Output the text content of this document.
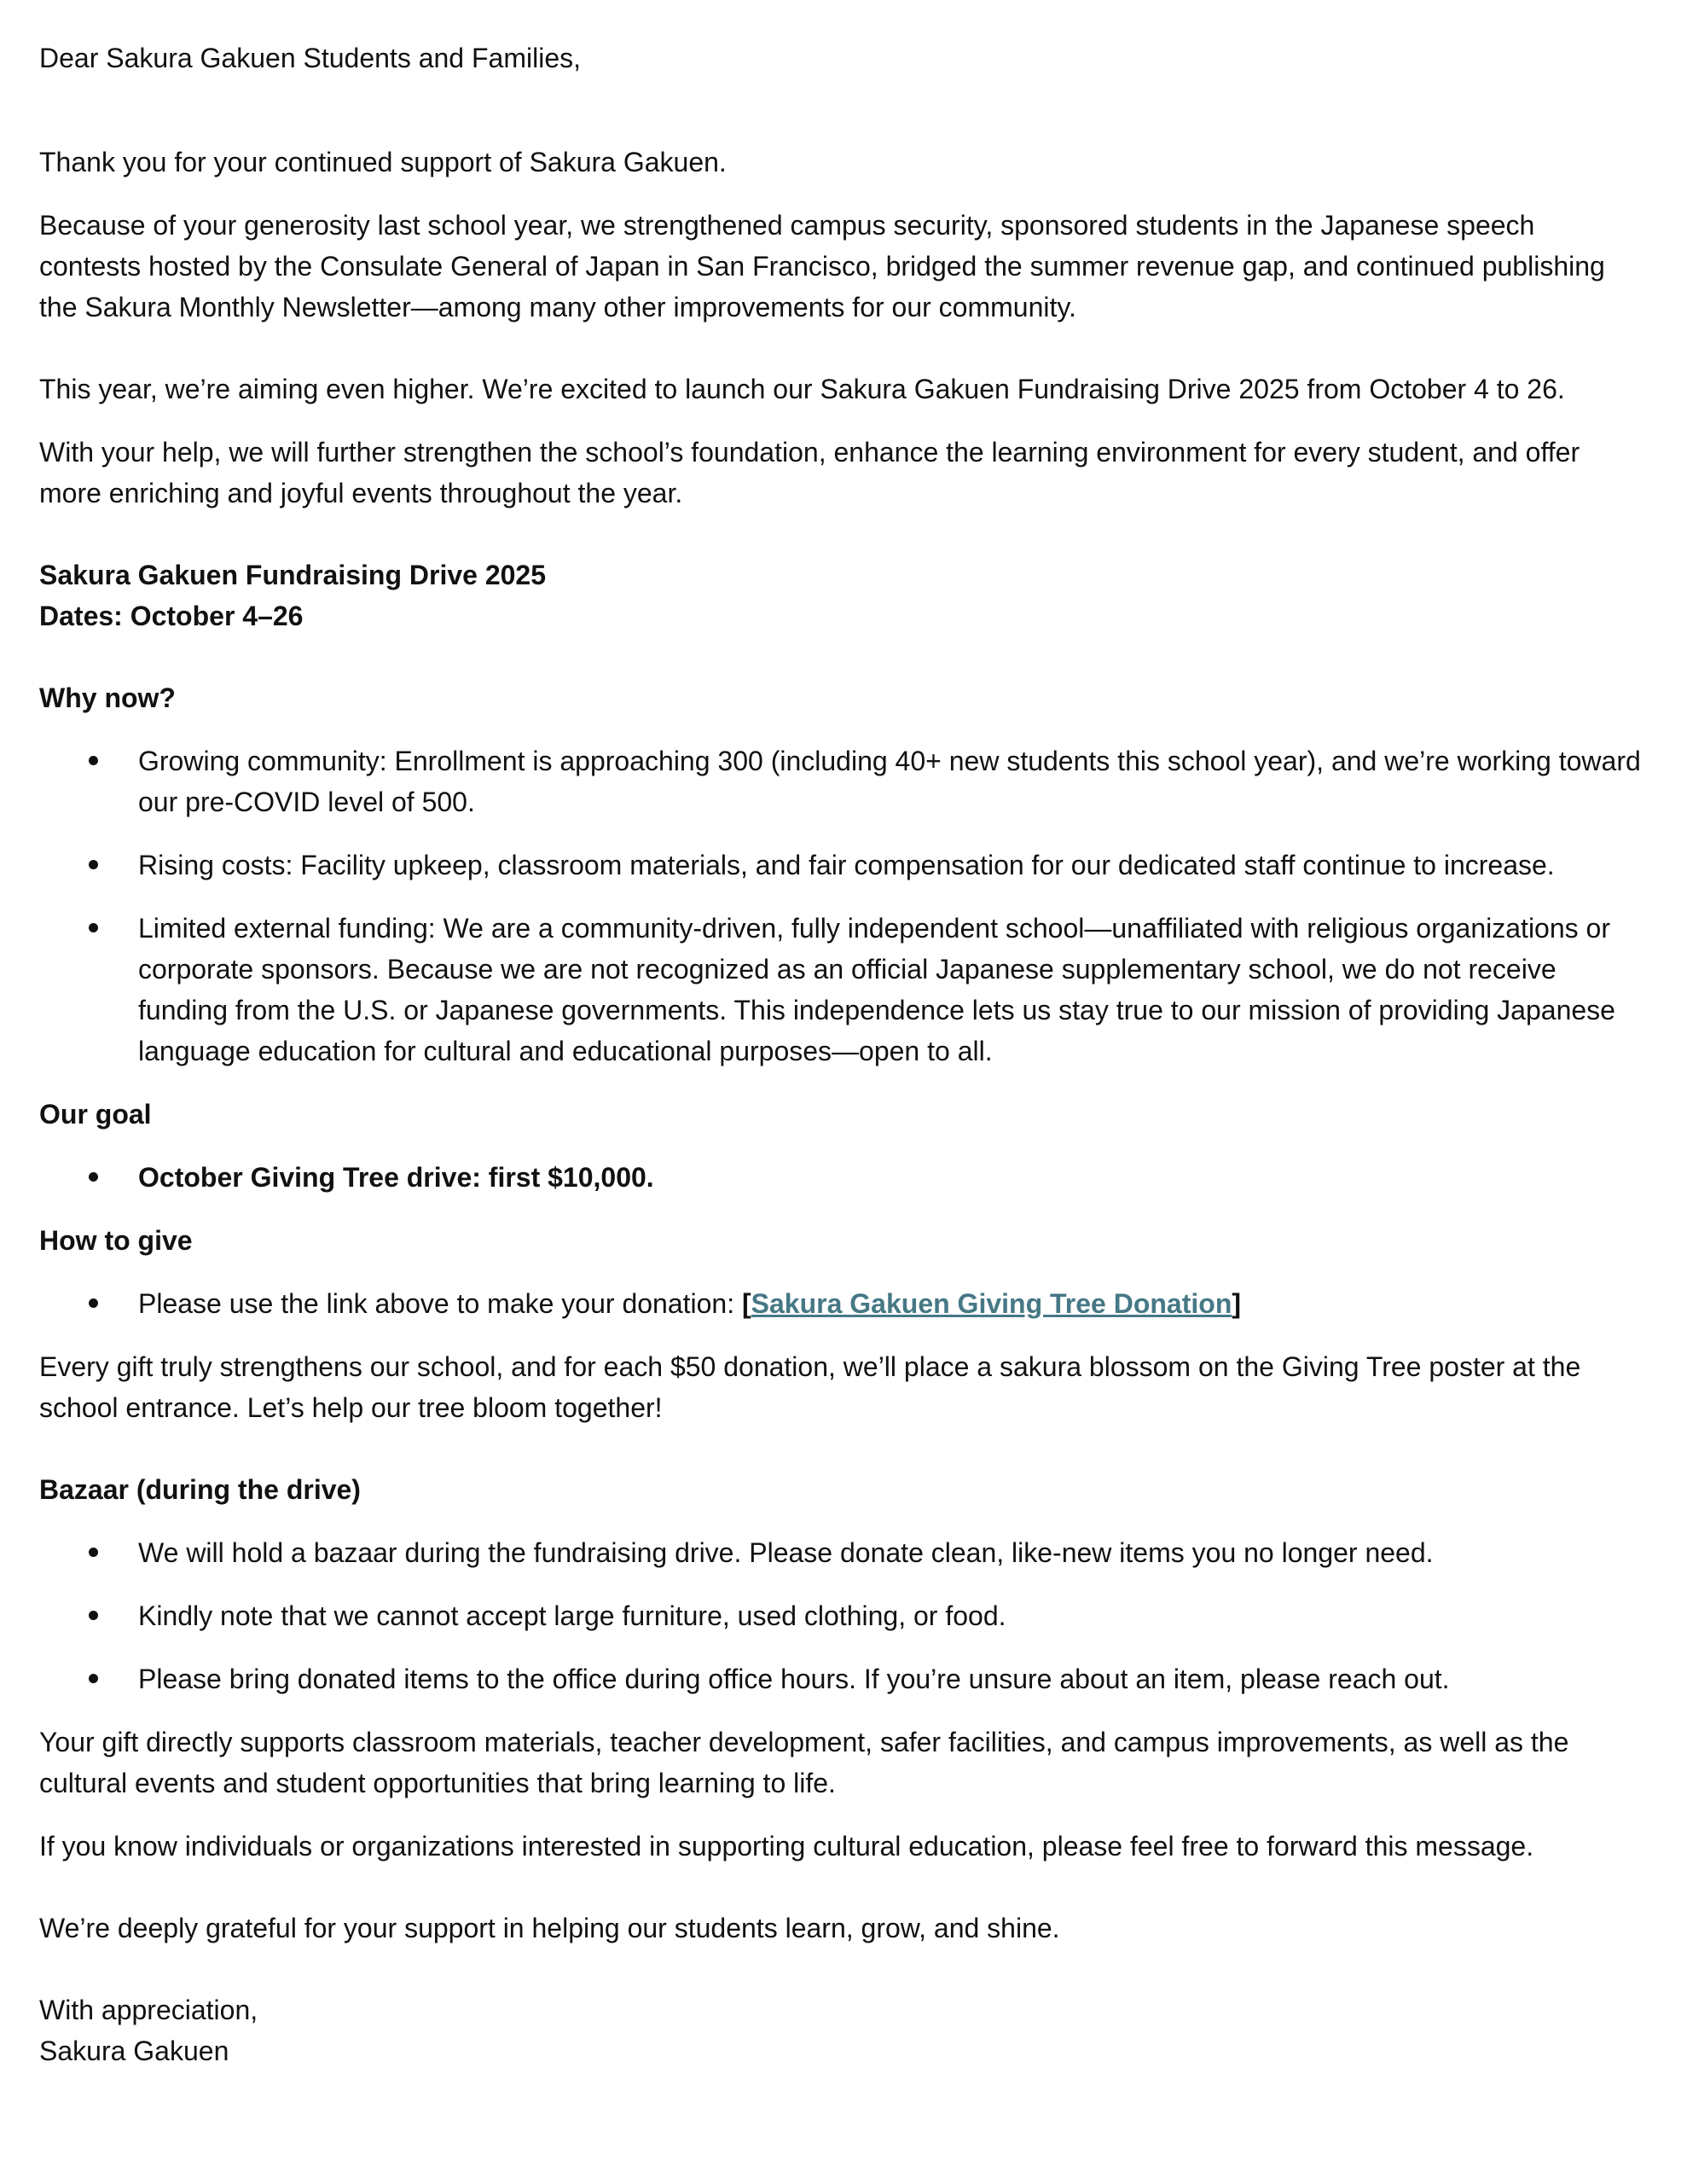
Dear Sakura Gakuen Students and Families,

Thank you for your continued support of Sakura Gakuen.

Because of your generosity last school year, we strengthened campus security, sponsored students in the Japanese speech contests hosted by the Consulate General of Japan in San Francisco, bridged the summer revenue gap, and continued publishing the Sakura Monthly Newsletter—among many other improvements for our community.

This year, we’re aiming even higher. We’re excited to launch our Sakura Gakuen Fundraising Drive 2025 from October 4 to 26.

With your help, we will further strengthen the school’s foundation, enhance the learning environment for every student, and offer more enriching and joyful events throughout the year.

Sakura Gakuen Fundraising Drive 2025

Dates: October 4–26

Why now?

Growing community: Enrollment is approaching 300 (including 40+ new students this school year), and we’re working toward our pre-COVID level of 500.
Rising costs: Facility upkeep, classroom materials, and fair compensation for our dedicated staff continue to increase.
Limited external funding: We are a community-driven, fully independent school—unaffiliated with religious organizations or corporate sponsors. Because we are not recognized as an official Japanese supplementary school, we do not receive funding from the U.S. or Japanese governments. This independence lets us stay true to our mission of providing Japanese language education for cultural and educational purposes—open to all.

Our goal

October Giving Tree drive: first $10,000.

How to give

Please use the link above to make your donation: [Sakura Gakuen Giving Tree Donation]

Every gift truly strengthens our school, and for each $50 donation, we’ll place a sakura blossom on the Giving Tree poster at the school entrance. Let’s help our tree bloom together!

Bazaar (during the drive)

We will hold a bazaar during the fundraising drive. Please donate clean, like-new items you no longer need.
Kindly note that we cannot accept large furniture, used clothing, or food.
Please bring donated items to the office during office hours. If you’re unsure about an item, please reach out.

Your gift directly supports classroom materials, teacher development, safer facilities, and campus improvements, as well as the cultural events and student opportunities that bring learning to life.

If you know individuals or organizations interested in supporting cultural education, please feel free to forward this message.

We’re deeply grateful for your support in helping our students learn, grow, and shine.

With appreciation,

Sakura Gakuen
